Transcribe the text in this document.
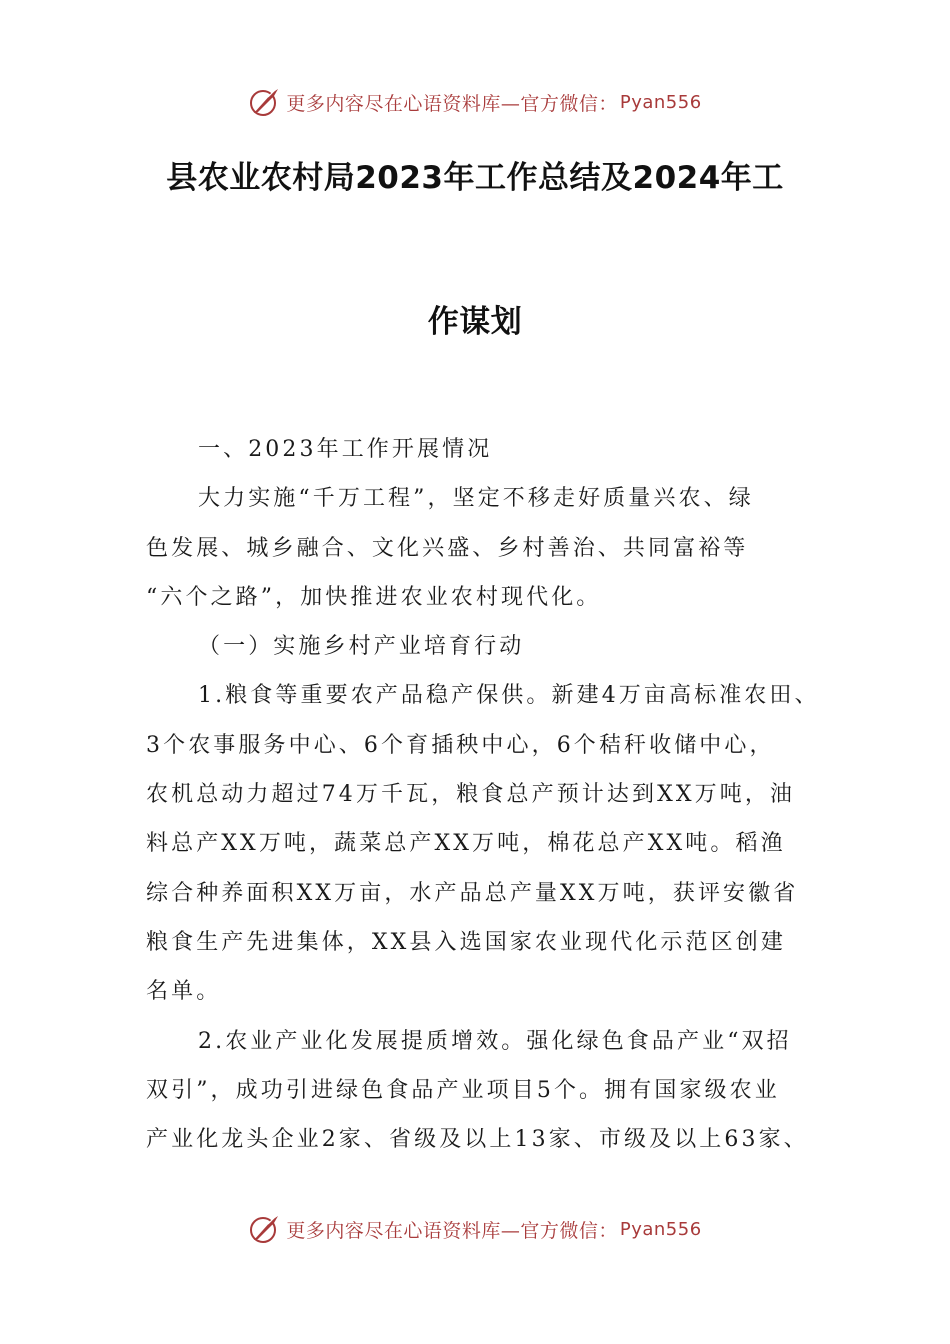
更多内容尽在心语资料库—官方微信： Pyan556
县农业农村局2023年工作总结及2024年工
作谋划
一、2023年工作开展情况
大力实施“千万工程”，坚定不移走好质量兴农、绿
色发展、城乡融合、文化兴盛、乡村善治、共同富裕等
“六个之路”，加快推进农业农村现代化。
（一）实施乡村产业培育行动
1.粮食等重要农产品稳产保供。新建4万亩高标准农田、
3个农事服务中心、6个育插秧中心，6个秸秆收储中心，
农机总动力超过74万千瓦，粮食总产预计达到XX万吨，油
料总产XX万吨，蔬菜总产XX万吨，棉花总产XX吨。稻渔
综合种养面积XX万亩，水产品总产量XX万吨，获评安徽省
粮食生产先进集体，XX县入选国家农业现代化示范区创建
名单。
2.农业产业化发展提质增效。强化绿色食品产业“双招
双引”，成功引进绿色食品产业项目5个。拥有国家级农业
产业化龙头企业2家、省级及以上13家、市级及以上63家、
更多内容尽在心语资料库—官方微信： Pyan556
